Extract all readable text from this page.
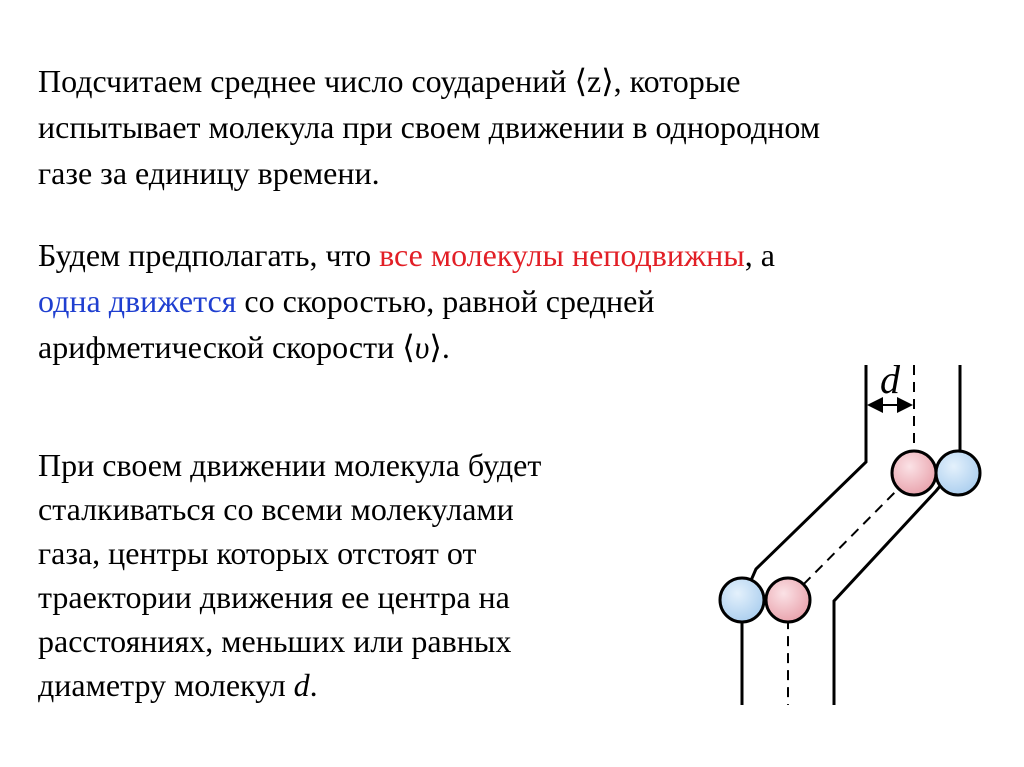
Подсчитаем среднее число соударений ⟨z⟩, которые
испытывает молекула при своем движении в однородном
газе за единицу времени.
Будем предполагать, что все молекулы неподвижны, а
одна движется со скоростью, равной средней
арифметической скорости ⟨υ⟩.
При своем движении молекула будет
сталкиваться со всеми молекулами
газа, центры которых отстоят от
траектории движения ее центра на
расстояниях, меньших или равных
диаметру молекул d.
d
